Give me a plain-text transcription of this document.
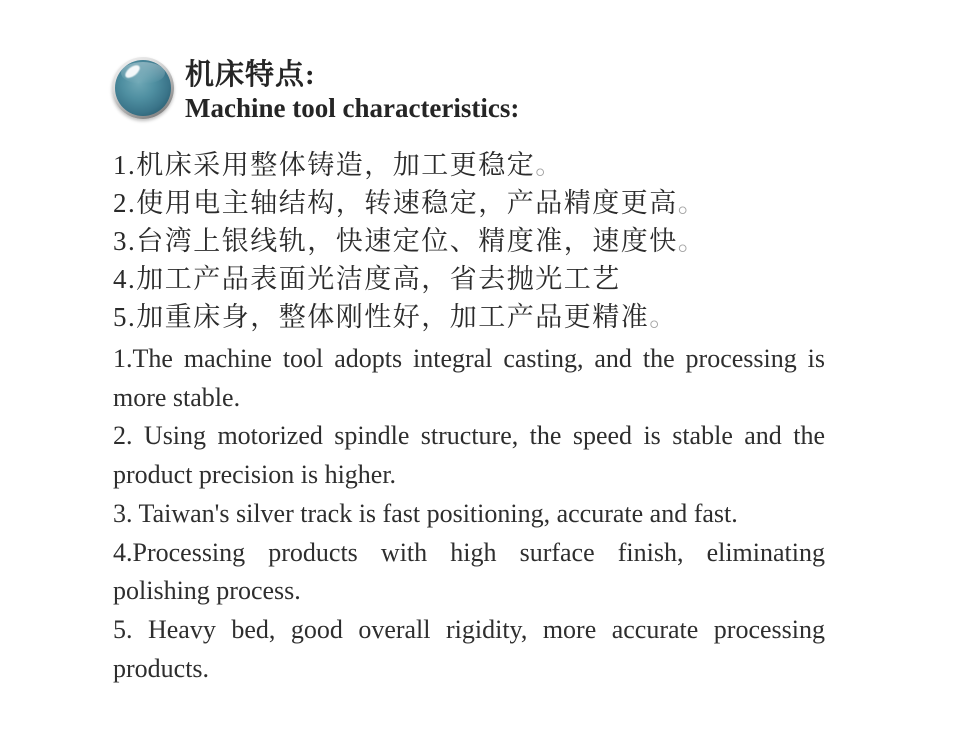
机床特点:
Machine tool characteristics:
1.机床采用整体铸造，加工更稳定。
2.使用电主轴结构，转速稳定，产品精度更高。
3.台湾上银线轨，快速定位、精度准，速度快。
4.加工产品表面光洁度高，省去抛光工艺
5.加重床身，整体刚性好，加工产品更精准。
1.The machine tool adopts integral casting, and the processing is more stable.
2. Using motorized spindle structure, the speed is stable and the product precision is higher.
3. Taiwan's silver track is fast positioning, accurate and fast.
4.Processing products with high surface finish, eliminating polishing process.
5. Heavy bed, good overall rigidity, more accurate processing products.
